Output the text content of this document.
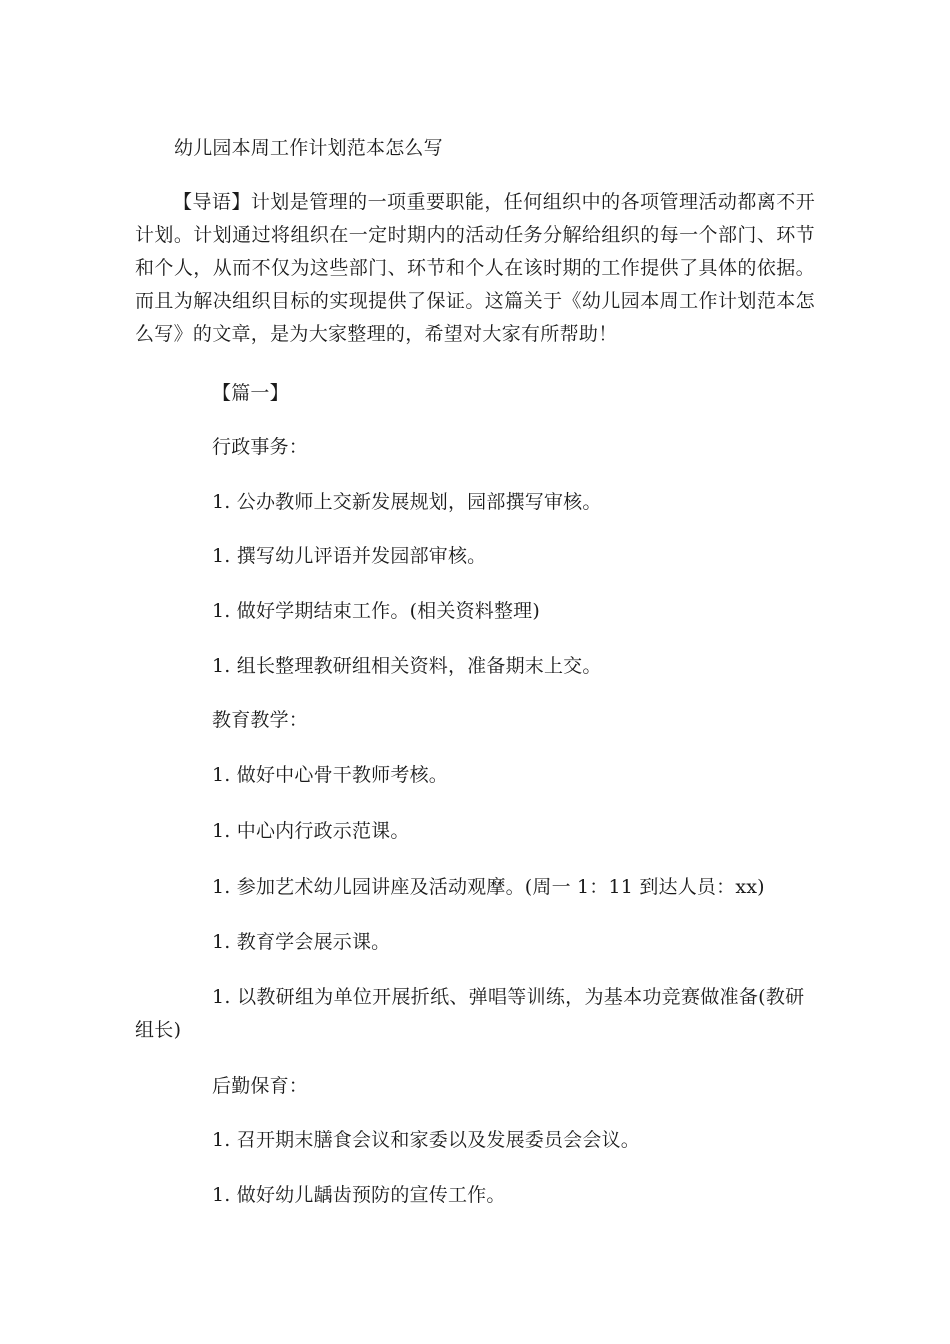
幼儿园本周工作计划范本怎么写
【导语】计划是管理的一项重要职能，任何组织中的各项管理活动都离不开计划。计划通过将组织在一定时期内的活动任务分解给组织的每一个部门、环节和个人，从而不仅为这些部门、环节和个人在该时期的工作提供了具体的依据。而且为解决组织目标的实现提供了保证。这篇关于《幼儿园本周工作计划范本怎么写》的文章，是为大家整理的，希望对大家有所帮助！
【篇一】
行政事务：
1. 公办教师上交新发展规划，园部撰写审核。
1. 撰写幼儿评语并发园部审核。
1. 做好学期结束工作。(相关资料整理)
1. 组长整理教研组相关资料，准备期末上交。
教育教学：
1. 做好中心骨干教师考核。
1. 中心内行政示范课。
1. 参加艺术幼儿园讲座及活动观摩。(周一 1：11 到达人员：xx)
1. 教育学会展示课。
1. 以教研组为单位开展折纸、弹唱等训练，为基本功竞赛做准备(教研组长)
后勤保育：
1. 召开期末膳食会议和家委以及发展委员会会议。
1. 做好幼儿龋齿预防的宣传工作。
